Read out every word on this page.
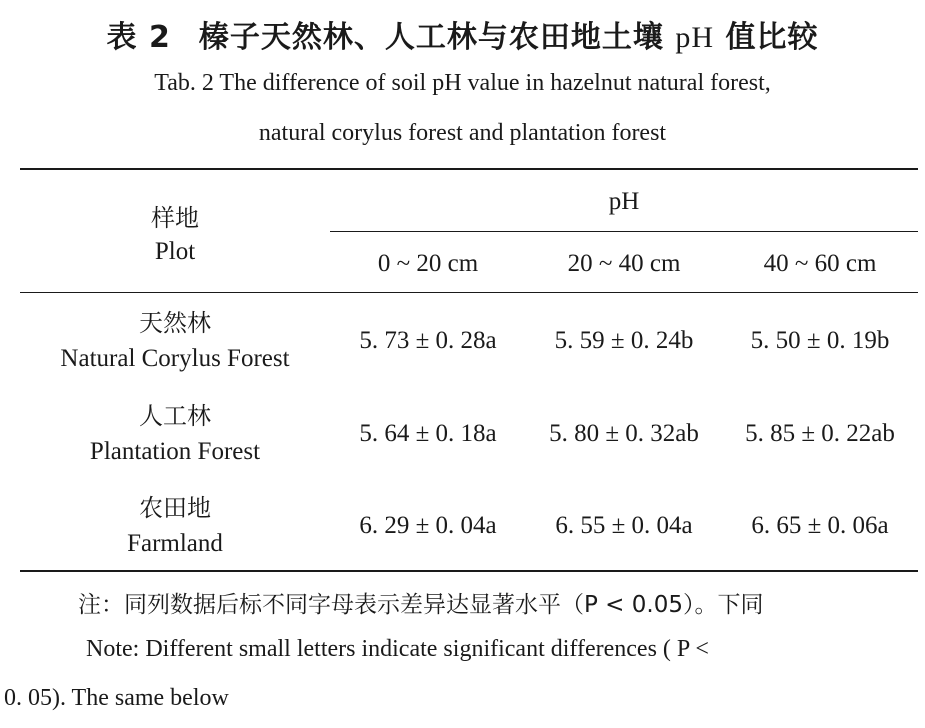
表 2 榛子天然林、人工林与农田地土壤 pH 值比较
Tab. 2 The difference of soil pH value in hazelnut natural forest,
natural corylus forest and plantation forest
样地
Plot
pH
0 ~ 20 cm	20 ~ 40 cm	40 ~ 60 cm
天然林
Natural Corylus Forest
5. 73 ± 0. 28a	5. 59 ± 0. 24b	5. 50 ± 0. 19b
人工林
Plantation Forest
5. 64 ± 0. 18a	5. 80 ± 0. 32ab	5. 85 ± 0. 22ab
农田地
Farmland
6. 29 ± 0. 04a	6. 55 ± 0. 04a	6. 65 ± 0. 06a
注：同列数据后标不同字母表示差异达显著水平（P < 0.05）。下同
Note: Different small letters indicate significant differences ( P <
0. 05). The same below
